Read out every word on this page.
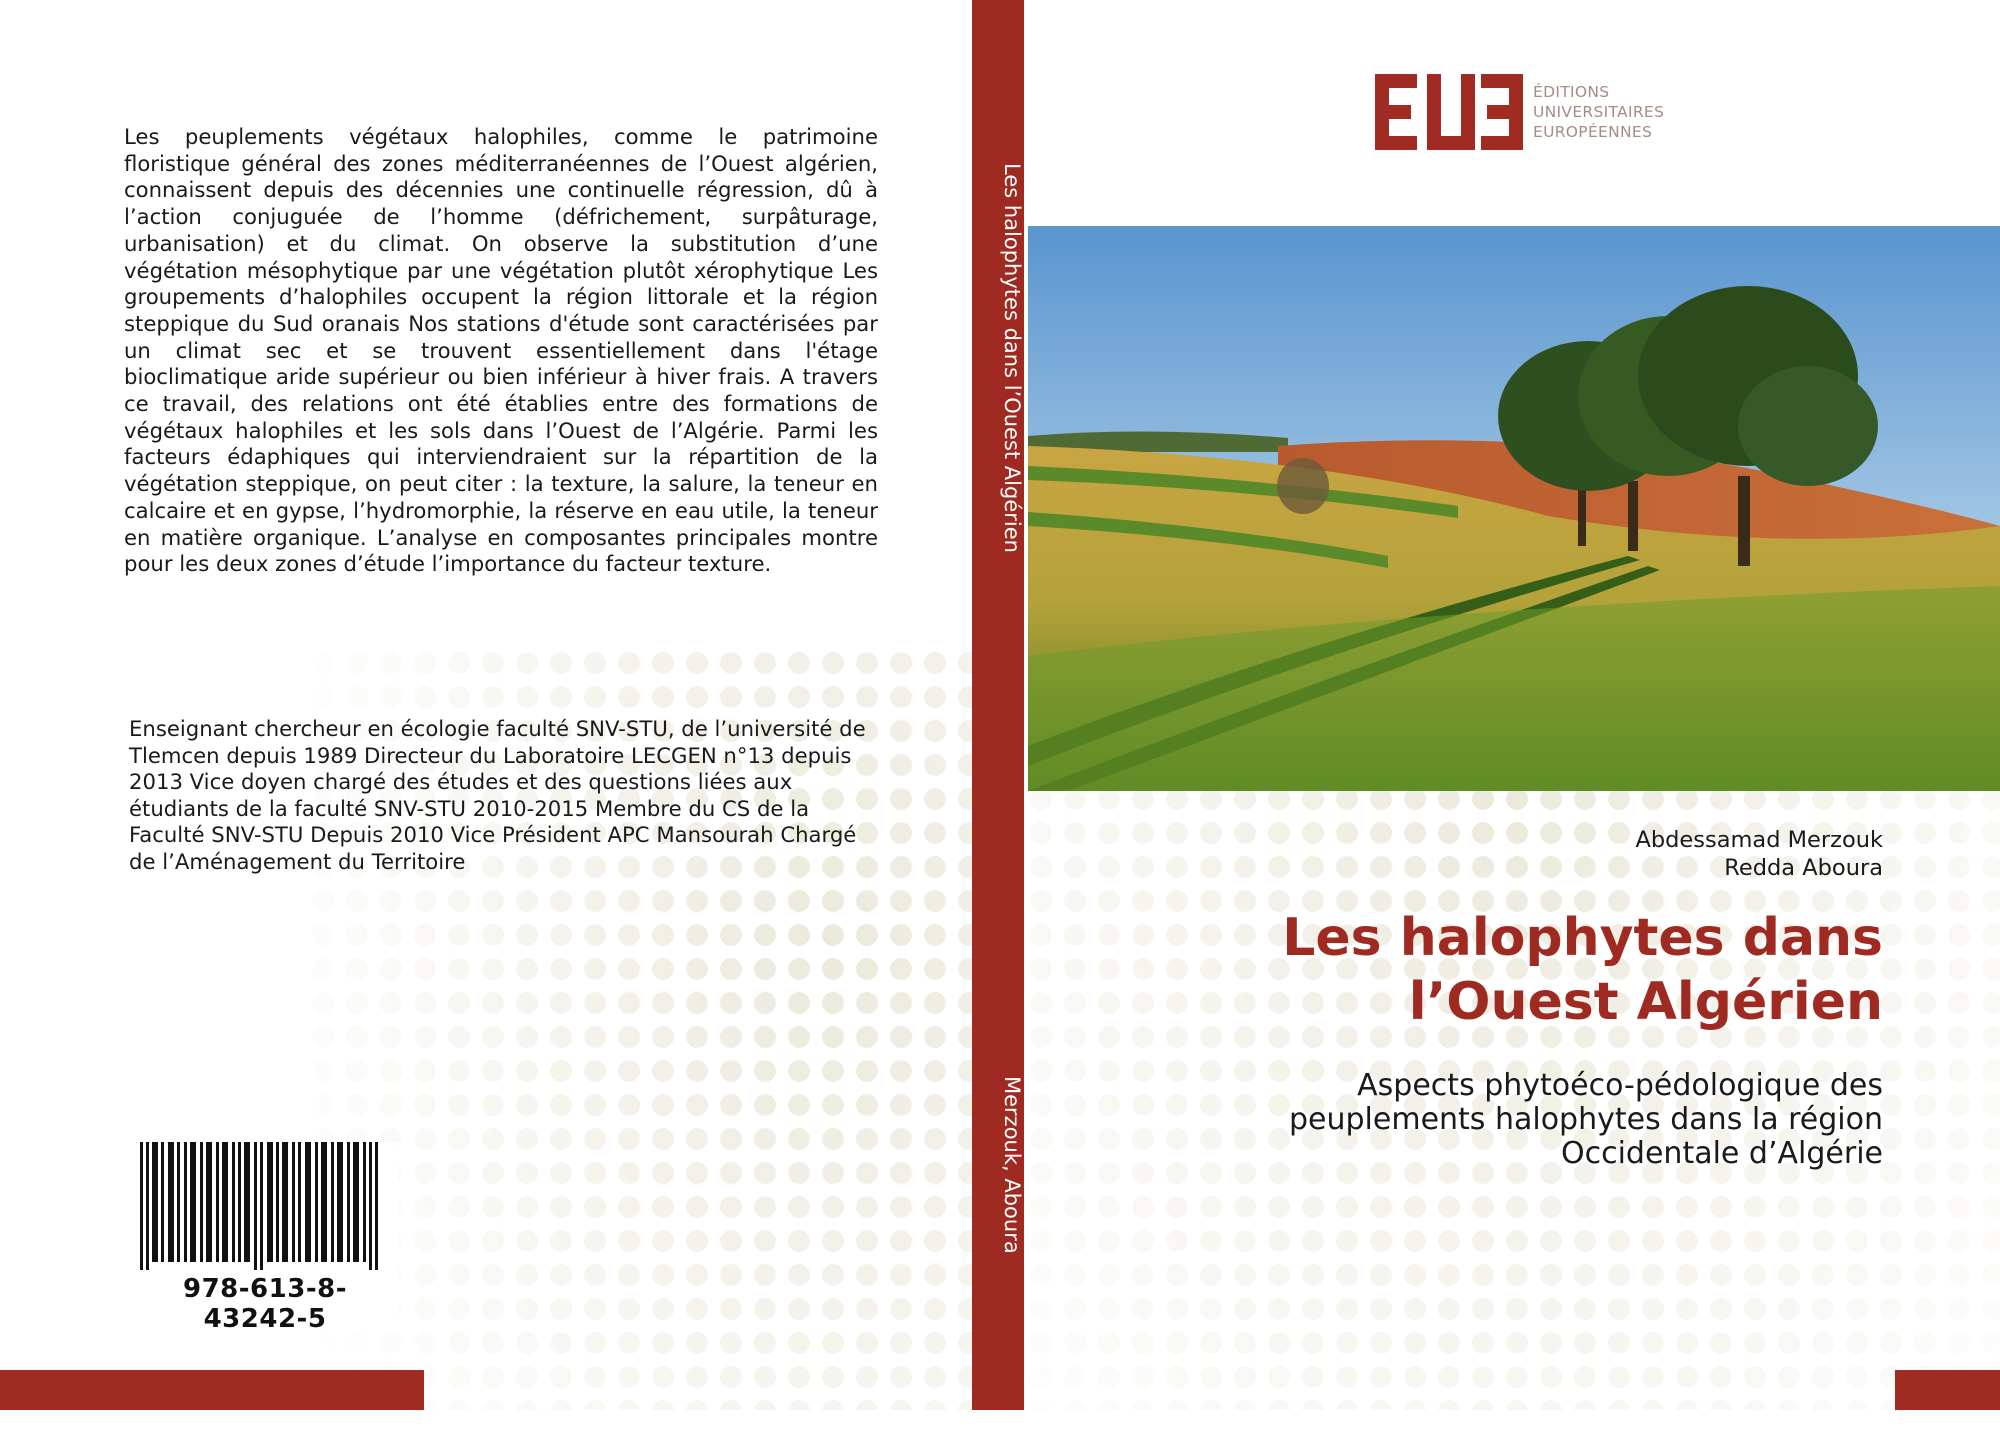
Les peuplements végétaux halophiles, comme le patrimoine floristique général des zones méditerranéennes de l’Ouest algérien, connaissent depuis des décennies une continuelle régression, dû à l’action conjuguée de l’homme (défrichement, surpâturage, urbanisation) et du climat. On observe la substitution d’une végétation mésophytique par une végétation plutôt xérophytique Les groupements d’halophiles occupent la région littorale et la région steppique du Sud oranais Nos stations d'étude sont caractérisées par un climat sec et se trouvent essentiellement dans l'étage bioclimatique aride supérieur ou bien inférieur à hiver frais. A travers ce travail, des relations ont été établies entre des formations de végétaux halophiles et les sols dans l’Ouest de l’Algérie. Parmi les facteurs édaphiques qui interviendraient sur la répartition de la végétation steppique, on peut citer : la texture, la salure, la teneur en calcaire et en gypse, l’hydromorphie, la réserve en eau utile, la teneur en matière organique. L’analyse en composantes principales montre pour les deux zones d’étude l’importance du facteur texture.
Enseignant chercheur en écologie faculté SNV-STU, de l’université de Tlemcen depuis 1989 Directeur du Laboratoire LECGEN n°13 depuis 2013 Vice doyen chargé des études et des questions liées aux étudiants de la faculté SNV-STU 2010-2015 Membre du CS de la Faculté SNV-STU Depuis 2010 Vice Président APC Mansourah Chargé de l’Aménagement du Territoire
978-613-8-43242-5
Les halophytes dans l’Ouest Algérien
Merzouk, Aboura
ÉDITIONS
UNIVERSITAIRES
EUROPÉENNES
Abdessamad Merzouk
Redda Aboura
Les halophytes dans
l’Ouest Algérien
Aspects phytoéco-pédologique des
peuplements halophytes dans la région
Occidentale d’Algérie
